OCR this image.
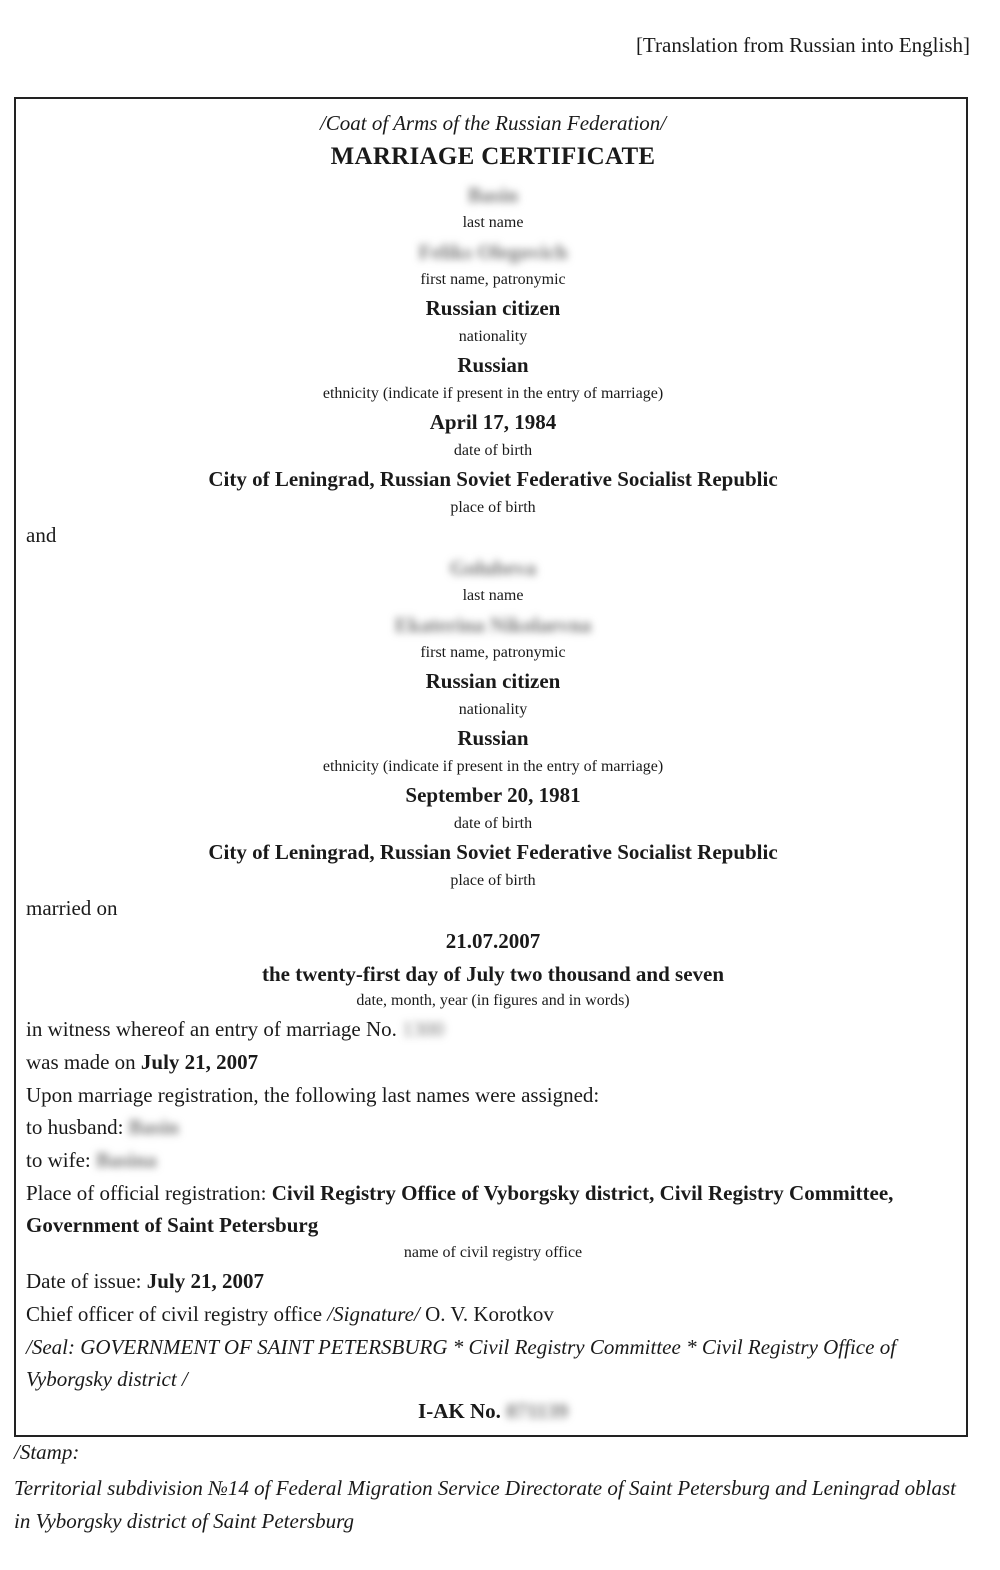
[Translation from Russian into English]
/Coat of Arms of the Russian Federation/
MARRIAGE CERTIFICATE
Basin
last name
Feliks Olegovich
first name, patronymic
Russian citizen
nationality
Russian
ethnicity (indicate if present in the entry of marriage)
April 17, 1984
date of birth
City of Leningrad, Russian Soviet Federative Socialist Republic
place of birth
and
Golubeva
last name
Ekaterina Nikolaevna
first name, patronymic
Russian citizen
nationality
Russian
ethnicity (indicate if present in the entry of marriage)
September 20, 1981
date of birth
City of Leningrad, Russian Soviet Federative Socialist Republic
place of birth
married on
21.07.2007
the twenty-first day of July two thousand and seven
date, month, year (in figures and in words)
in witness whereof an entry of marriage No. 1300
was made on July 21, 2007
Upon marriage registration, the following last names were assigned:
to husband: Basin
to wife: Basina
Place of official registration: Civil Registry Office of Vyborgsky district, Civil Registry Committee, Government of Saint Petersburg
name of civil registry office
Date of issue: July 21, 2007
Chief officer of civil registry office /Signature/ O. V. Korotkov
/Seal: GOVERNMENT OF SAINT PETERSBURG * Civil Registry Committee * Civil Registry Office of Vyborgsky district /
I-AK No. 871139
/Stamp:
Territorial subdivision №14 of Federal Migration Service Directorate of Saint Petersburg and Leningrad oblast in Vyborgsky district of Saint Petersburg
